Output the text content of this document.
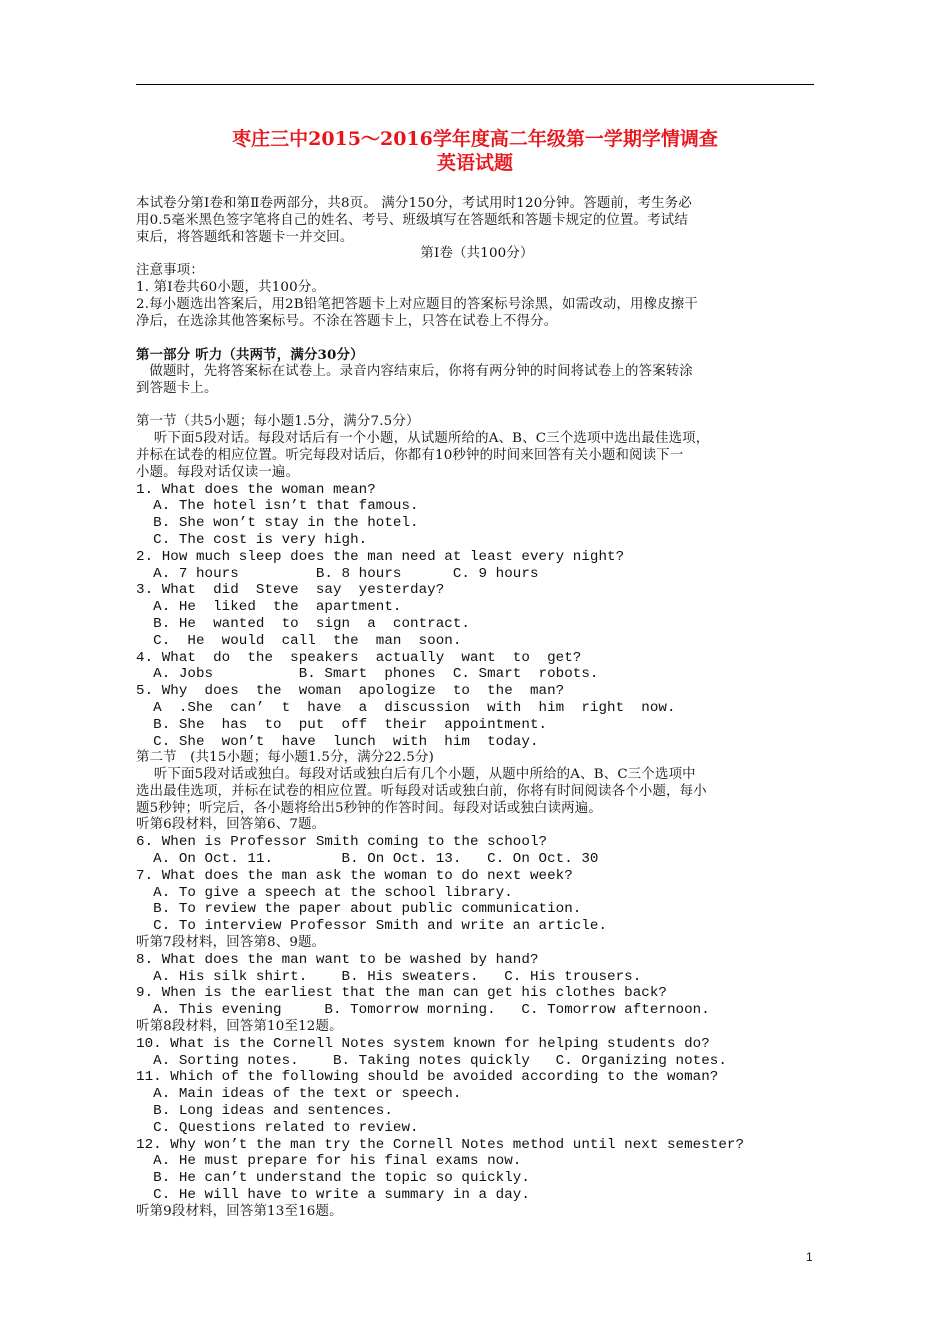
枣庄三中2015～2016学年度高二年级第一学期学情调查
英语试题
本试卷分第Ⅰ卷和第Ⅱ卷两部分，共8页。 满分150分，考试用时120分钟。答题前，考生务必
用0.5毫米黑色签字笔将自己的姓名、考号、班级填写在答题纸和答题卡规定的位置。考试结
束后，将答题纸和答题卡一并交回。
第Ⅰ卷（共100分）
注意事项：
1. 第Ⅰ卷共60小题，共100分。
2.每小题选出答案后，用2B铅笔把答题卡上对应题目的答案标号涂黑，如需改动，用橡皮擦干
净后，在选涂其他答案标号。不涂在答题卡上，只答在试卷上不得分。
第一部分 听力（共两节，满分30分）
做题时，先将答案标在试卷上。录音内容结束后，你将有两分钟的时间将试卷上的答案转涂
到答题卡上。
第一节（共5小题；每小题1.5分，满分7.5分）
听下面5段对话。每段对话后有一个小题，从试题所给的A、B、C三个选项中选出最佳选项，
并标在试卷的相应位置。听完每段对话后，你都有10秒钟的时间来回答有关小题和阅读下一
小题。每段对话仅读一遍。
1. What does the woman mean?
A. The hotel isn’t that famous.
B. She won’t stay in the hotel.
C. The cost is very high.
2. How much sleep does the man need at least every night?
A. 7 hours         B. 8 hours      C. 9 hours
3. What  did  Steve  say  yesterday?
A. He  liked  the  apartment.
B. He  wanted  to  sign  a  contract.
C.  He  would  call  the  man  soon.
4. What  do  the  speakers  actually  want  to  get?
A. Jobs          B. Smart  phones  C. Smart  robots.
5. Why  does  the  woman  apologize  to  the  man?
A  .She  can’  t  have  a  discussion  with  him  right  now.
B. She  has  to  put  off  their  appointment.
C. She  won’t  have  lunch  with  him  today.
第二节   (共15小题；每小题1.5分，满分22.5分)
听下面5段对话或独白。每段对话或独白后有几个小题，从题中所给的A、B、C三个选项中
选出最佳选项，并标在试卷的相应位置。听每段对话或独白前，你将有时间阅读各个小题，每小
题5秒钟；听完后，各小题将给出5秒钟的作答时间。每段对话或独白读两遍。
听第6段材料，回答第6、7题。
6. When is Professor Smith coming to the school?
A. On Oct. 11.        B. On Oct. 13.   C. On Oct. 30
7. What does the man ask the woman to do next week?
A. To give a speech at the school library.
B. To review the paper about public communication.
C. To interview Professor Smith and write an article.
听第7段材料，回答第8、9题。
8. What does the man want to be washed by hand?
A. His silk shirt.    B. His sweaters.   C. His trousers.
9. When is the earliest that the man can get his clothes back?
A. This evening     B. Tomorrow morning.   C. Tomorrow afternoon.
听第8段材料，回答第10至12题。
10. What is the Cornell Notes system known for helping students do?
A. Sorting notes.    B. Taking notes quickly   C. Organizing notes.
11. Which of the following should be avoided according to the woman?
A. Main ideas of the text or speech.
B. Long ideas and sentences.
C. Questions related to review.
12. Why won’t the man try the Cornell Notes method until next semester?
A. He must prepare for his final exams now.
B. He can’t understand the topic so quickly.
C. He will have to write a summary in a day.
听第9段材料，回答第13至16题。
1
